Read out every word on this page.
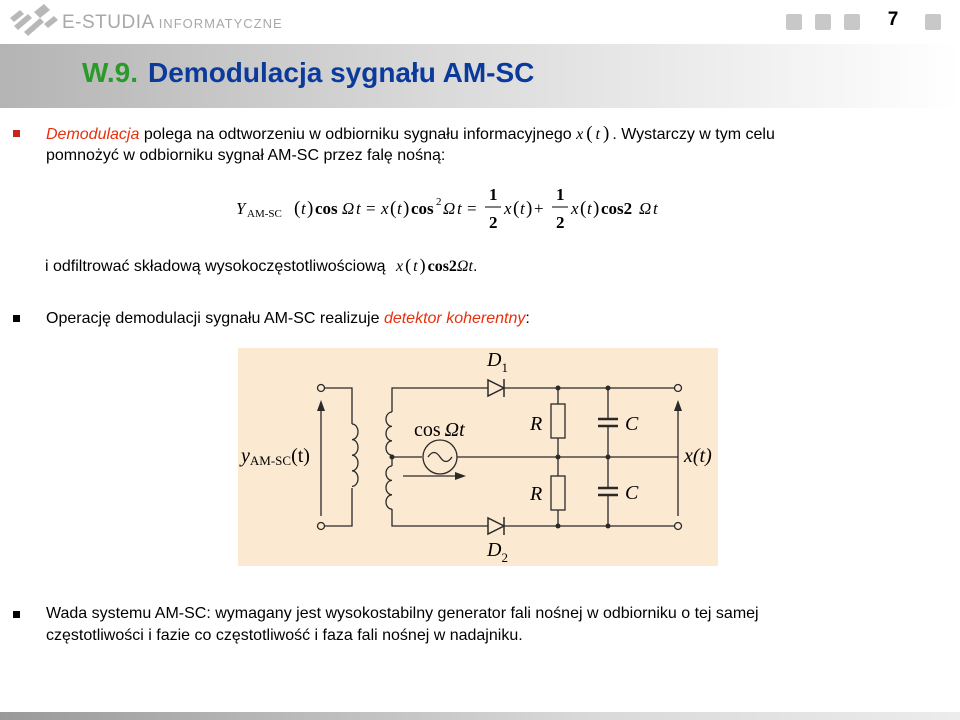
E-STUDIA INFORMATYCZNE	7
W.9. Demodulacja sygnału AM-SC
Demodulacja polega na odtworzeniu w odbiorniku sygnału informacyjnego x ( t ) . Wystarczy w tym celu
pomnożyć w odbiorniku sygnał AM-SC przez falę nośną:
Y AM-SC ( t ) cos Ω t = x ( t ) cos 2 Ω t =
1
2
x ( t ) +
1
2
x ( t ) cos2 Ω t
i odfiltrować składową wysokoczęstotliwościową x ( t ) cos2Ωt.
Operację demodulacji sygnału AM-SC realizuje detektor koherentny:
$D_1$
$D_2$
R
R
C
C
yAM-SC(t)	x(t)
cos Ωt
Wada systemu AM-SC: wymagany jest wysokostabilny generator fali nośnej w odbiorniku o tej samej
częstotliwości i fazie co częstotliwość i faza fali nośnej w nadajniku.
